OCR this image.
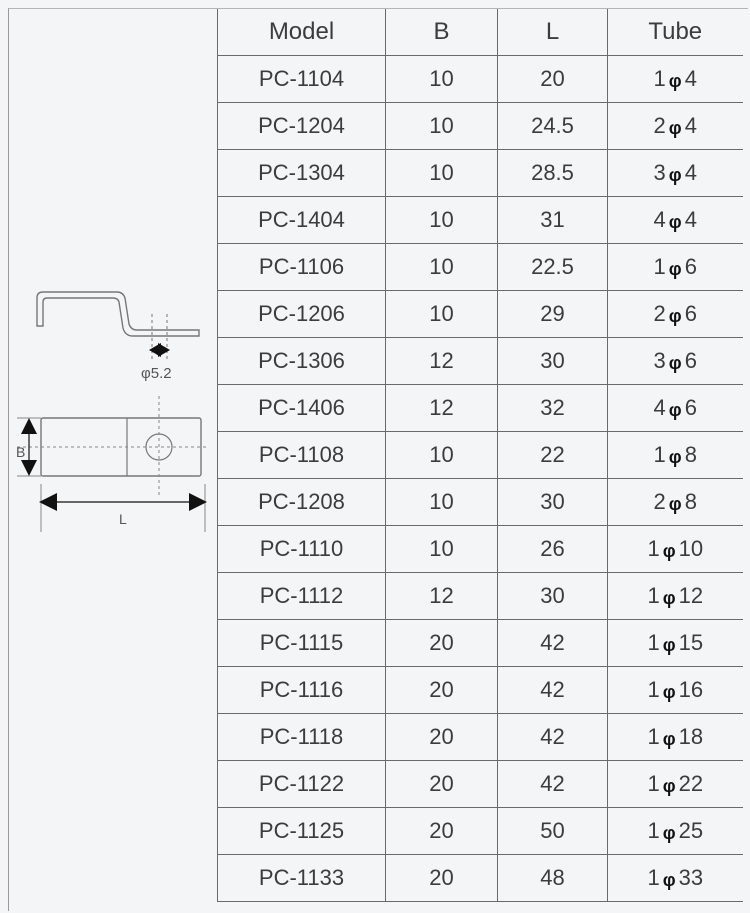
φ5.2
B
L
Model	B	L	Tube
PC-1104	10	20	1 φ 4
PC-1204	10	24.5	2 φ 4
PC-1304	10	28.5	3 φ 4
PC-1404	10	31	4 φ 4
PC-1106	10	22.5	1 φ 6
PC-1206	10	29	2 φ 6
PC-1306	12	30	3 φ 6
PC-1406	12	32	4 φ 6
PC-1108	10	22	1 φ 8
PC-1208	10	30	2 φ 8
PC-1110	10	26	1 φ 10
PC-1112	12	30	1 φ 12
PC-1115	20	42	1 φ 15
PC-1116	20	42	1 φ 16
PC-1118	20	42	1 φ 18
PC-1122	20	42	1 φ 22
PC-1125	20	50	1 φ 25
PC-1133	20	48	1 φ 33
